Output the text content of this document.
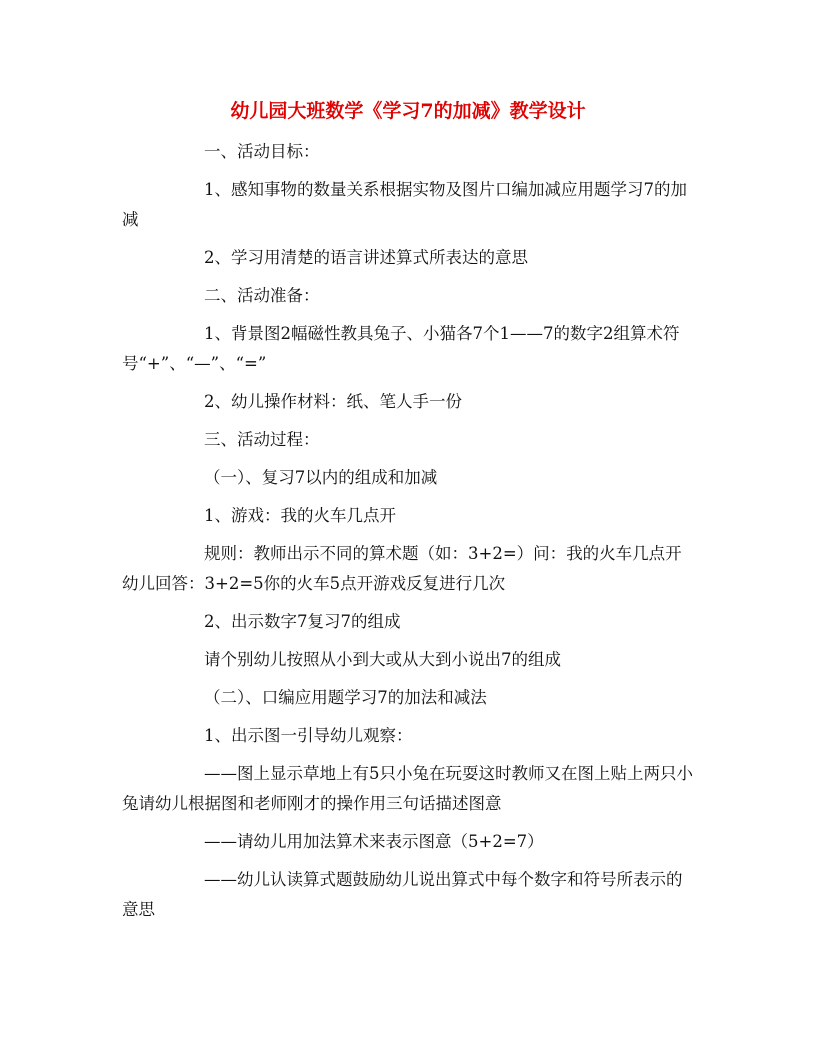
幼儿园大班数学《学习7的加减》教学设计

一、活动目标：

1、感知事物的数量关系根据实物及图片口编加减应用题学习7的加减

2、学习用清楚的语言讲述算式所表达的意思

二、活动准备：

1、背景图2幅磁性教具兔子、小猫各7个1——7的数字2组算术符号“+”、“—”、“=”

2、幼儿操作材料：纸、笔人手一份

三、活动过程：

（一）、复习7以内的组成和加减

1、游戏：我的火车几点开

规则：教师出示不同的算术题（如：3+2=）问：我的火车几点开幼儿回答：3+2=5你的火车5点开游戏反复进行几次

2、出示数字7复习7的组成

请个别幼儿按照从小到大或从大到小说出7的组成

（二）、口编应用题学习7的加法和减法

1、出示图一引导幼儿观察：

——图上显示草地上有5只小兔在玩耍这时教师又在图上贴上两只小兔请幼儿根据图和老师刚才的操作用三句话描述图意

——请幼儿用加法算术来表示图意（5+2=7）

——幼儿认读算式题鼓励幼儿说出算式中每个数字和符号所表示的意思
